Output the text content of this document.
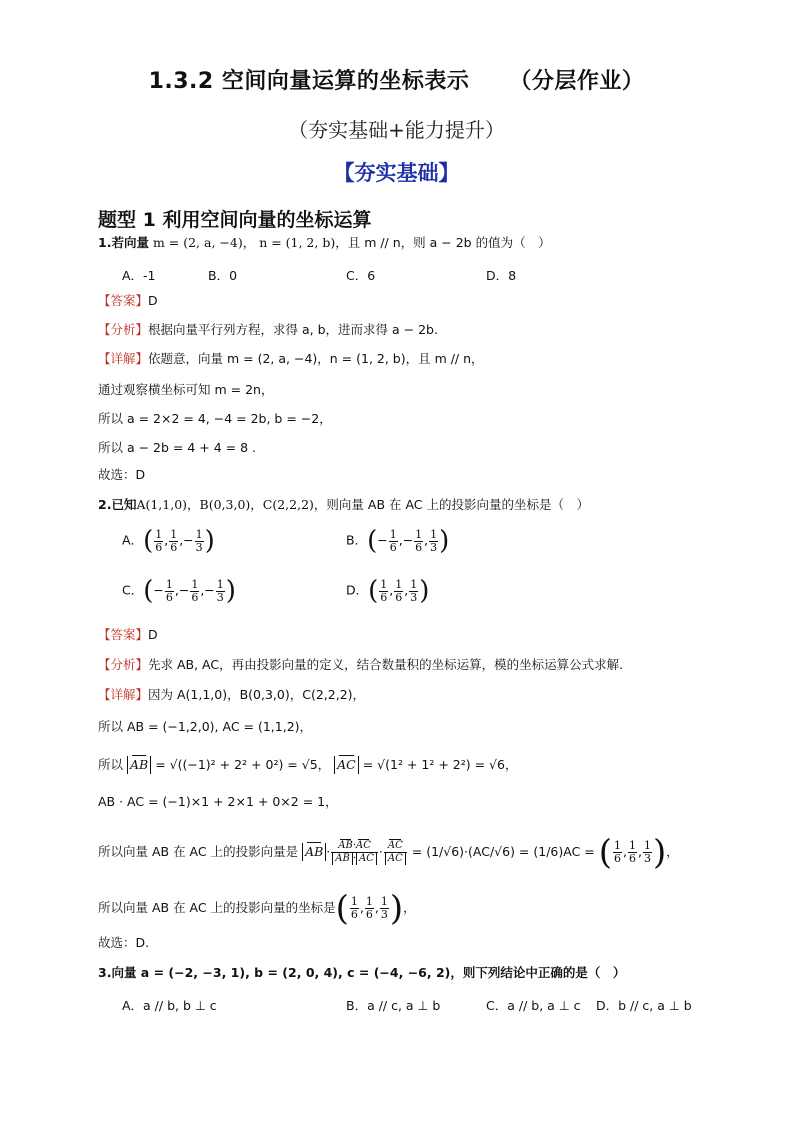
1.3.2 空间向量运算的坐标表示 （分层作业）
（夯实基础+能力提升）
【夯实基础】
题型 1 利用空间向量的坐标运算
1.若向量 m = (2, a, −4)， n = (1, 2, b)，且 m // n，则 a − 2b 的值为（　）
A．-1	B．0	C．6	D．8
【答案】D
【分析】根据向量平行列方程，求得 a, b，进而求得 a − 2b.
【详解】依题意，向量 m = (2, a, −4)，n = (1, 2, b)，且 m // n，
通过观察横坐标可知 m = 2n，
所以 a = 2×2 = 4, −4 = 2b, b = −2，
所以 a − 2b = 4 + 4 = 8 .
故选：D
2.已知A(1,1,0)，B(0,3,0)，C(2,2,2)，则向量 AB 在 AC 上的投影向量的坐标是（　）
A．( $\frac{1}{6}$ , $\frac{1}{6}$ ,− $\frac{1}{3}$ )	B．(− $\frac{1}{6}$ ,− $\frac{1}{6}$ , $\frac{1}{3}$ )
C．(− $\frac{1}{6}$ ,− $\frac{1}{6}$ ,− $\frac{1}{3}$ )	D．( $\frac{1}{6}$ , $\frac{1}{6}$ , $\frac{1}{3}$ )
【答案】D
【分析】先求 AB, AC，再由投影向量的定义，结合数量积的坐标运算，模的坐标运算公式求解.
【详解】因为 A(1,1,0)，B(0,3,0)，C(2,2,2)，
所以 AB = (−1,2,0), AC = (1,1,2)，
所以 AB = √((−1)² + 2² + 0²) = √5， AC = √(1² + 1² + 2²) = √6，
AB · AC = (−1)×1 + 2×1 + 0×2 = 1，
所以向量 AB 在 AC 上的投影向量是 AB · $\frac{AB\cdot AC}{AB \cdot AC} \cdot \frac{AC}{AC} = (1/√6)\cdot(AC/√6) = (1/6)AC$ = ( $\frac{1}{6}$ , $\frac{1}{6}$ , $\frac{1}{3}$ )，
所以向量 AB 在 AC 上的投影向量的坐标是( $\frac{1}{6}$ , $\frac{1}{6}$ , $\frac{1}{3}$ )，
故选：D.
3.向量 a = (−2, −3, 1), b = (2, 0, 4), c = (−4, −6, 2)，则下列结论中正确的是（　）
A．a // b, b ⊥ c	B．a // c, a ⊥ b	C．a // b, a ⊥ c D．b // c, a ⊥ b
